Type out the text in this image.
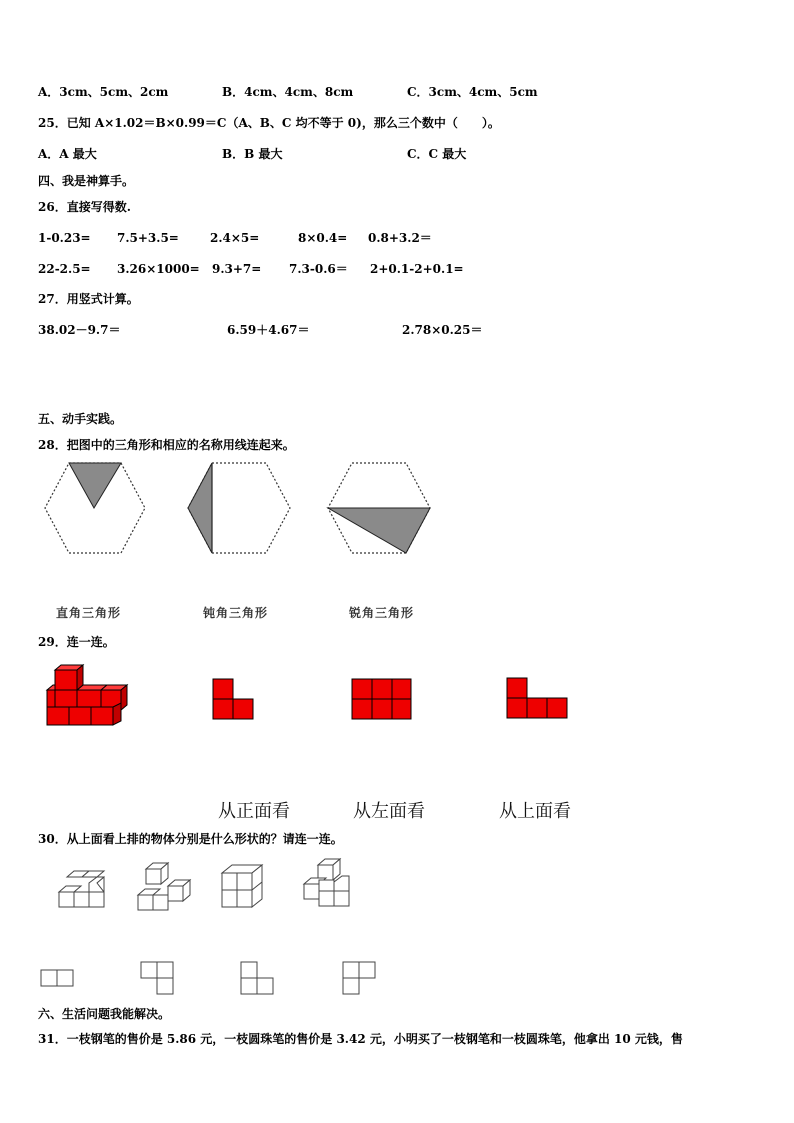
A．3cm、5cm、2cm	B．4cm、4cm、8cm	C．3cm、4cm、5cm
25．已知 A×1.02＝B×0.99＝C（A、B、C 均不等于 0)，那么三个数中（　　）。
A．A 最大	B．B 最大	C．C 最大
四、我是神算手。
26．直接写得数.
1-0.23= 7.5+3.5=	2.4×5=	8×0.4= 0.8+3.2＝
22-2.5= 3.26×1000= 9.3+7= 7.3-0.6＝ 2+0.1-2+0.1=
27．用竖式计算。
38.02－9.7＝	6.59＋4.67＝	2.78×0.25＝
五、动手实践。
28．把图中的三角形和相应的名称用线连起来。
直角三角形	钝角三角形	锐角三角形
29．连一连。
从正面看	从左面看	从上面看
30．从上面看上排的物体分别是什么形状的？请连一连。
六、生活问题我能解决。
31．一枝钢笔的售价是 5.86 元，一枝圆珠笔的售价是 3.42 元，小明买了一枝钢笔和一枝圆珠笔，他拿出 10 元钱，售
